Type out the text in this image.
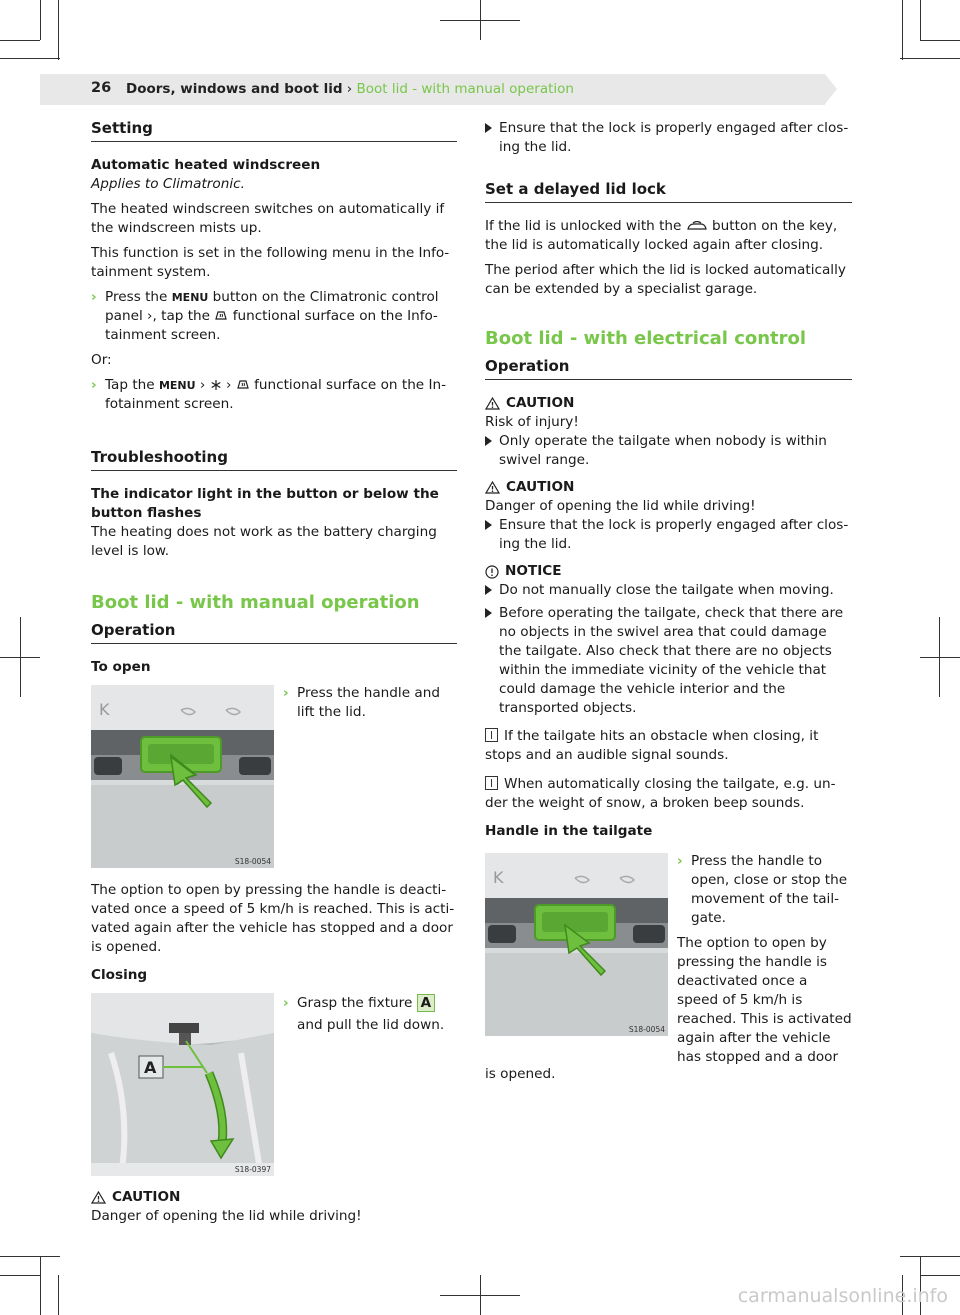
26 Doors, windows and boot lid › Boot lid - with manual operation
Setting
Automatic heated windscreen

Applies to Climatronic.

The heated windscreen switches on automatically if the windscreen mists up.

This function is set in the following menu in the Infotainment system.

› Press the MENU button on the Climatronic control panel ›, tap the  functional surface on the Infotainment screen.

Or:

› Tap the MENU ›  ›  functional surface on the Infotainment screen.
Troubleshooting
The indicator light in the button or below the button flashes

The heating does not work as the battery charging level is low.

Boot lid - with manual operation
Operation
To open
K
S18-0054
› Press the handle and lift the lid.

The option to open by pressing the handle is deactivated once a speed of 5 km/h is reached. This is activated again after the vehicle has stopped and a door is opened.

Closing
A
S18-0397
› Grasp the fixture A
and pull the lid down.
CAUTION
Danger of opening the lid while driving!
Ensure that the lock is properly engaged after closing the lid.
Set a delayed lid lock

If the lid is unlocked with the  button on the key, the lid is automatically locked again after closing.

The period after which the lid is locked automatically can be extended by a specialist garage.

Boot lid - with electrical control
Operation
CAUTION
Risk of injury!
Only operate the tailgate when nobody is within swivel range.
CAUTION
Danger of opening the lid while driving!
Ensure that the lock is properly engaged after closing the lid.
NOTICE
Do not manually close the tailgate when moving.
Before operating the tailgate, check that there are no objects in the swivel area that could damage the tailgate. Also check that there are no objects within the immediate vicinity of the vehicle that could damage the vehicle interior and the transported objects.

If the tailgate hits an obstacle when closing, it stops and an audible signal sounds.

When automatically closing the tailgate, e.g. under the weight of snow, a broken beep sounds.

Handle in the tailgate
K
S18-0054
› Press the handle to open, close or stop the movement of the tailgate.

The option to open by pressing the handle is deactivated once a speed of 5 km/h is reached. This is activated again after the vehicle has stopped and a door

is opened.

carmanualsonline.info
